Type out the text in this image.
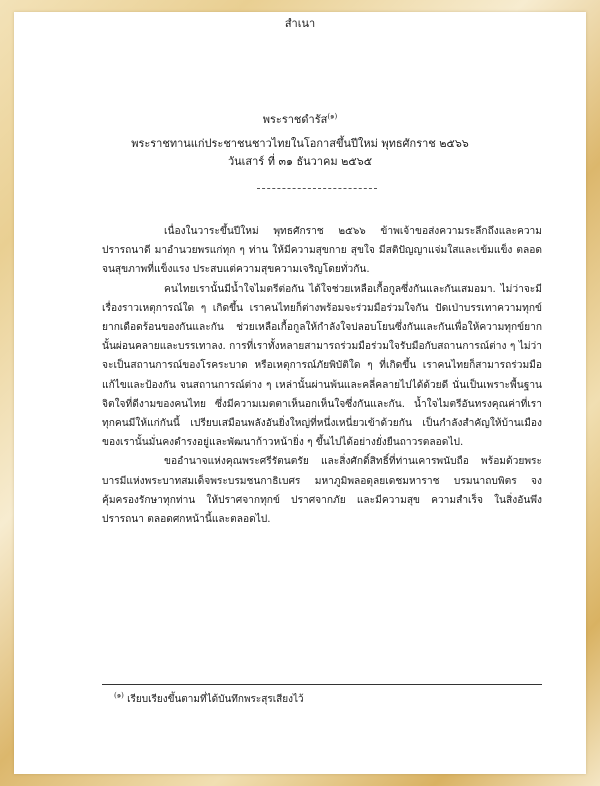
สำเนา
พระราชดำรัส$^{(๑)}$
พระราชทานแก่ประชาชนชาวไทยในโอกาสขึ้นปีใหม่ พุทธศักราช ๒๕๖๖
วันเสาร์ ที่ ๓๑ ธันวาคม ๒๕๖๕

เนื่องในวาระขึ้นปีใหม่ พุทธศักราช ๒๕๖๖ ข้าพเจ้าขอส่งความระลึกถึงและความปรารถนาดี มาอำนวยพรแก่ทุก ๆ ท่าน ให้มีความสุขกาย สุขใจ มีสติปัญญาแจ่มใสและเข้มแข็ง ตลอดจนสุขภาพที่แข็งแรง ประสบแต่ความสุขความเจริญโดยทั่วกัน.

คนไทยเรานั้นมีน้ำใจไมตรีต่อกัน ได้ใจช่วยเหลือเกื้อกูลซึ่งกันและกันเสมอมา. ไม่ว่าจะมีเรื่องราวเหตุการณ์ใด ๆ เกิดขึ้น เราคนไทยก็ต่างพร้อมจะร่วมมือร่วมใจกัน ปัดเป่าบรรเทาความทุกข์ยากเดือดร้อนของกันและกัน ช่วยเหลือเกื้อกูลให้กำลังใจปลอบโยนซึ่งกันและกันเพื่อให้ความทุกข์ยากนั้นผ่อนคลายและบรรเทาลง. การที่เราทั้งหลายสามารถร่วมมือร่วมใจรับมือกับสถานการณ์ต่าง ๆ ไม่ว่าจะเป็นสถานการณ์ของโรคระบาด หรือเหตุการณ์ภัยพิบัติใด ๆ ที่เกิดขึ้น เราคนไทยก็สามารถร่วมมือแก้ไขและป้องกัน จนสถานการณ์ต่าง ๆ เหล่านั้นผ่านพ้นและคลี่คลายไปได้ด้วยดี นั่นเป็นเพราะพื้นฐานจิตใจที่ดีงามของคนไทย ซึ่งมีความเมตตาเห็นอกเห็นใจซึ่งกันและกัน. น้ำใจไมตรีอันทรงคุณค่าที่เราทุกคนมีให้แก่กันนี้ เปรียบเสมือนพลังอันยิ่งใหญ่ที่หนึ่งเหนี่ยวเข้าด้วยกัน เป็นกำลังสำคัญให้บ้านเมืองของเรานั้นมั่นคงดำรงอยู่และพัฒนาก้าวหน้ายิ่ง ๆ ขึ้นไปได้อย่างยั่งยืนถาวรตลอดไป.

ขออำนาจแห่งคุณพระศรีรัตนตรัย และสิ่งศักดิ์สิทธิ์ที่ท่านเคารพนับถือ พร้อมด้วยพระบารมีแห่งพระบาทสมเด็จพระบรมชนกาธิเบศร มหาภูมิพลอดุลยเดชมหาราช บรมนาถบพิตร จงคุ้มครองรักษาทุกท่าน ให้ปราศจากทุกข์ ปราศจากภัย และมีความสุข ความสำเร็จ ในสิ่งอันพึงปรารถนา ตลอดศกหน้านี้และตลอดไป.

$^{(๑)}$ เรียบเรียงขึ้นตามที่ได้บันทึกพระสุรเสียงไว้
